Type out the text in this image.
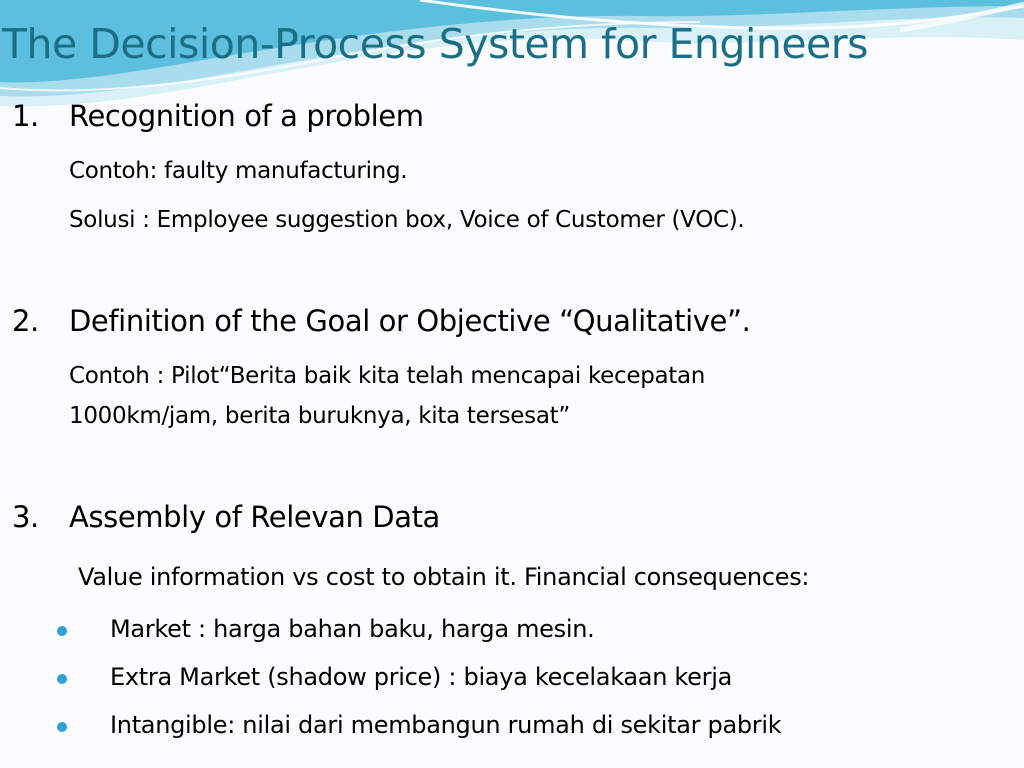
The Decision-Process System for Engineers
1. Recognition of a problem
Contoh: faulty manufacturing.
Solusi : Employee suggestion box, Voice of Customer (VOC).
2. Definition of the Goal or Objective “Qualitative”.
Contoh : Pilot“Berita baik kita telah mencapai kecepatan
1000km/jam, berita buruknya, kita tersesat”
3. Assembly of Relevan Data
Value information vs cost to obtain it. Financial consequences:
Market : harga bahan baku, harga mesin.
Extra Market (shadow price) : biaya kecelakaan kerja
Intangible: nilai dari membangun rumah di sekitar pabrik
